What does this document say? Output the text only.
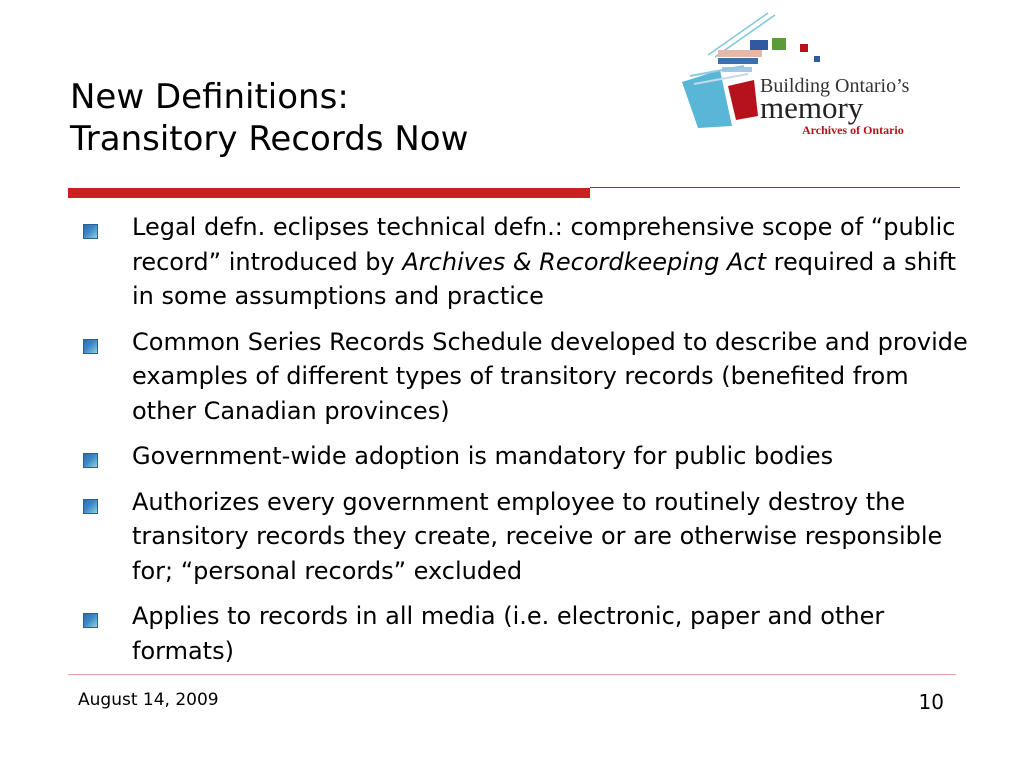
New Definitions:
Transitory Records Now
Building Ontario’s
memory
Archives of Ontario
Legal defn. eclipses technical defn.: comprehensive scope of “public record” introduced by Archives & Recordkeeping Act required a shift in some assumptions and practice
Common Series Records Schedule developed to describe and provide examples of different types of transitory records (benefited from other Canadian provinces)
Government-wide adoption is mandatory for public bodies
Authorizes every government employee to routinely destroy the transitory records they create, receive or are otherwise responsible for; “personal records” excluded
Applies to records in all media (i.e. electronic, paper and other formats)
August 14, 2009	10
